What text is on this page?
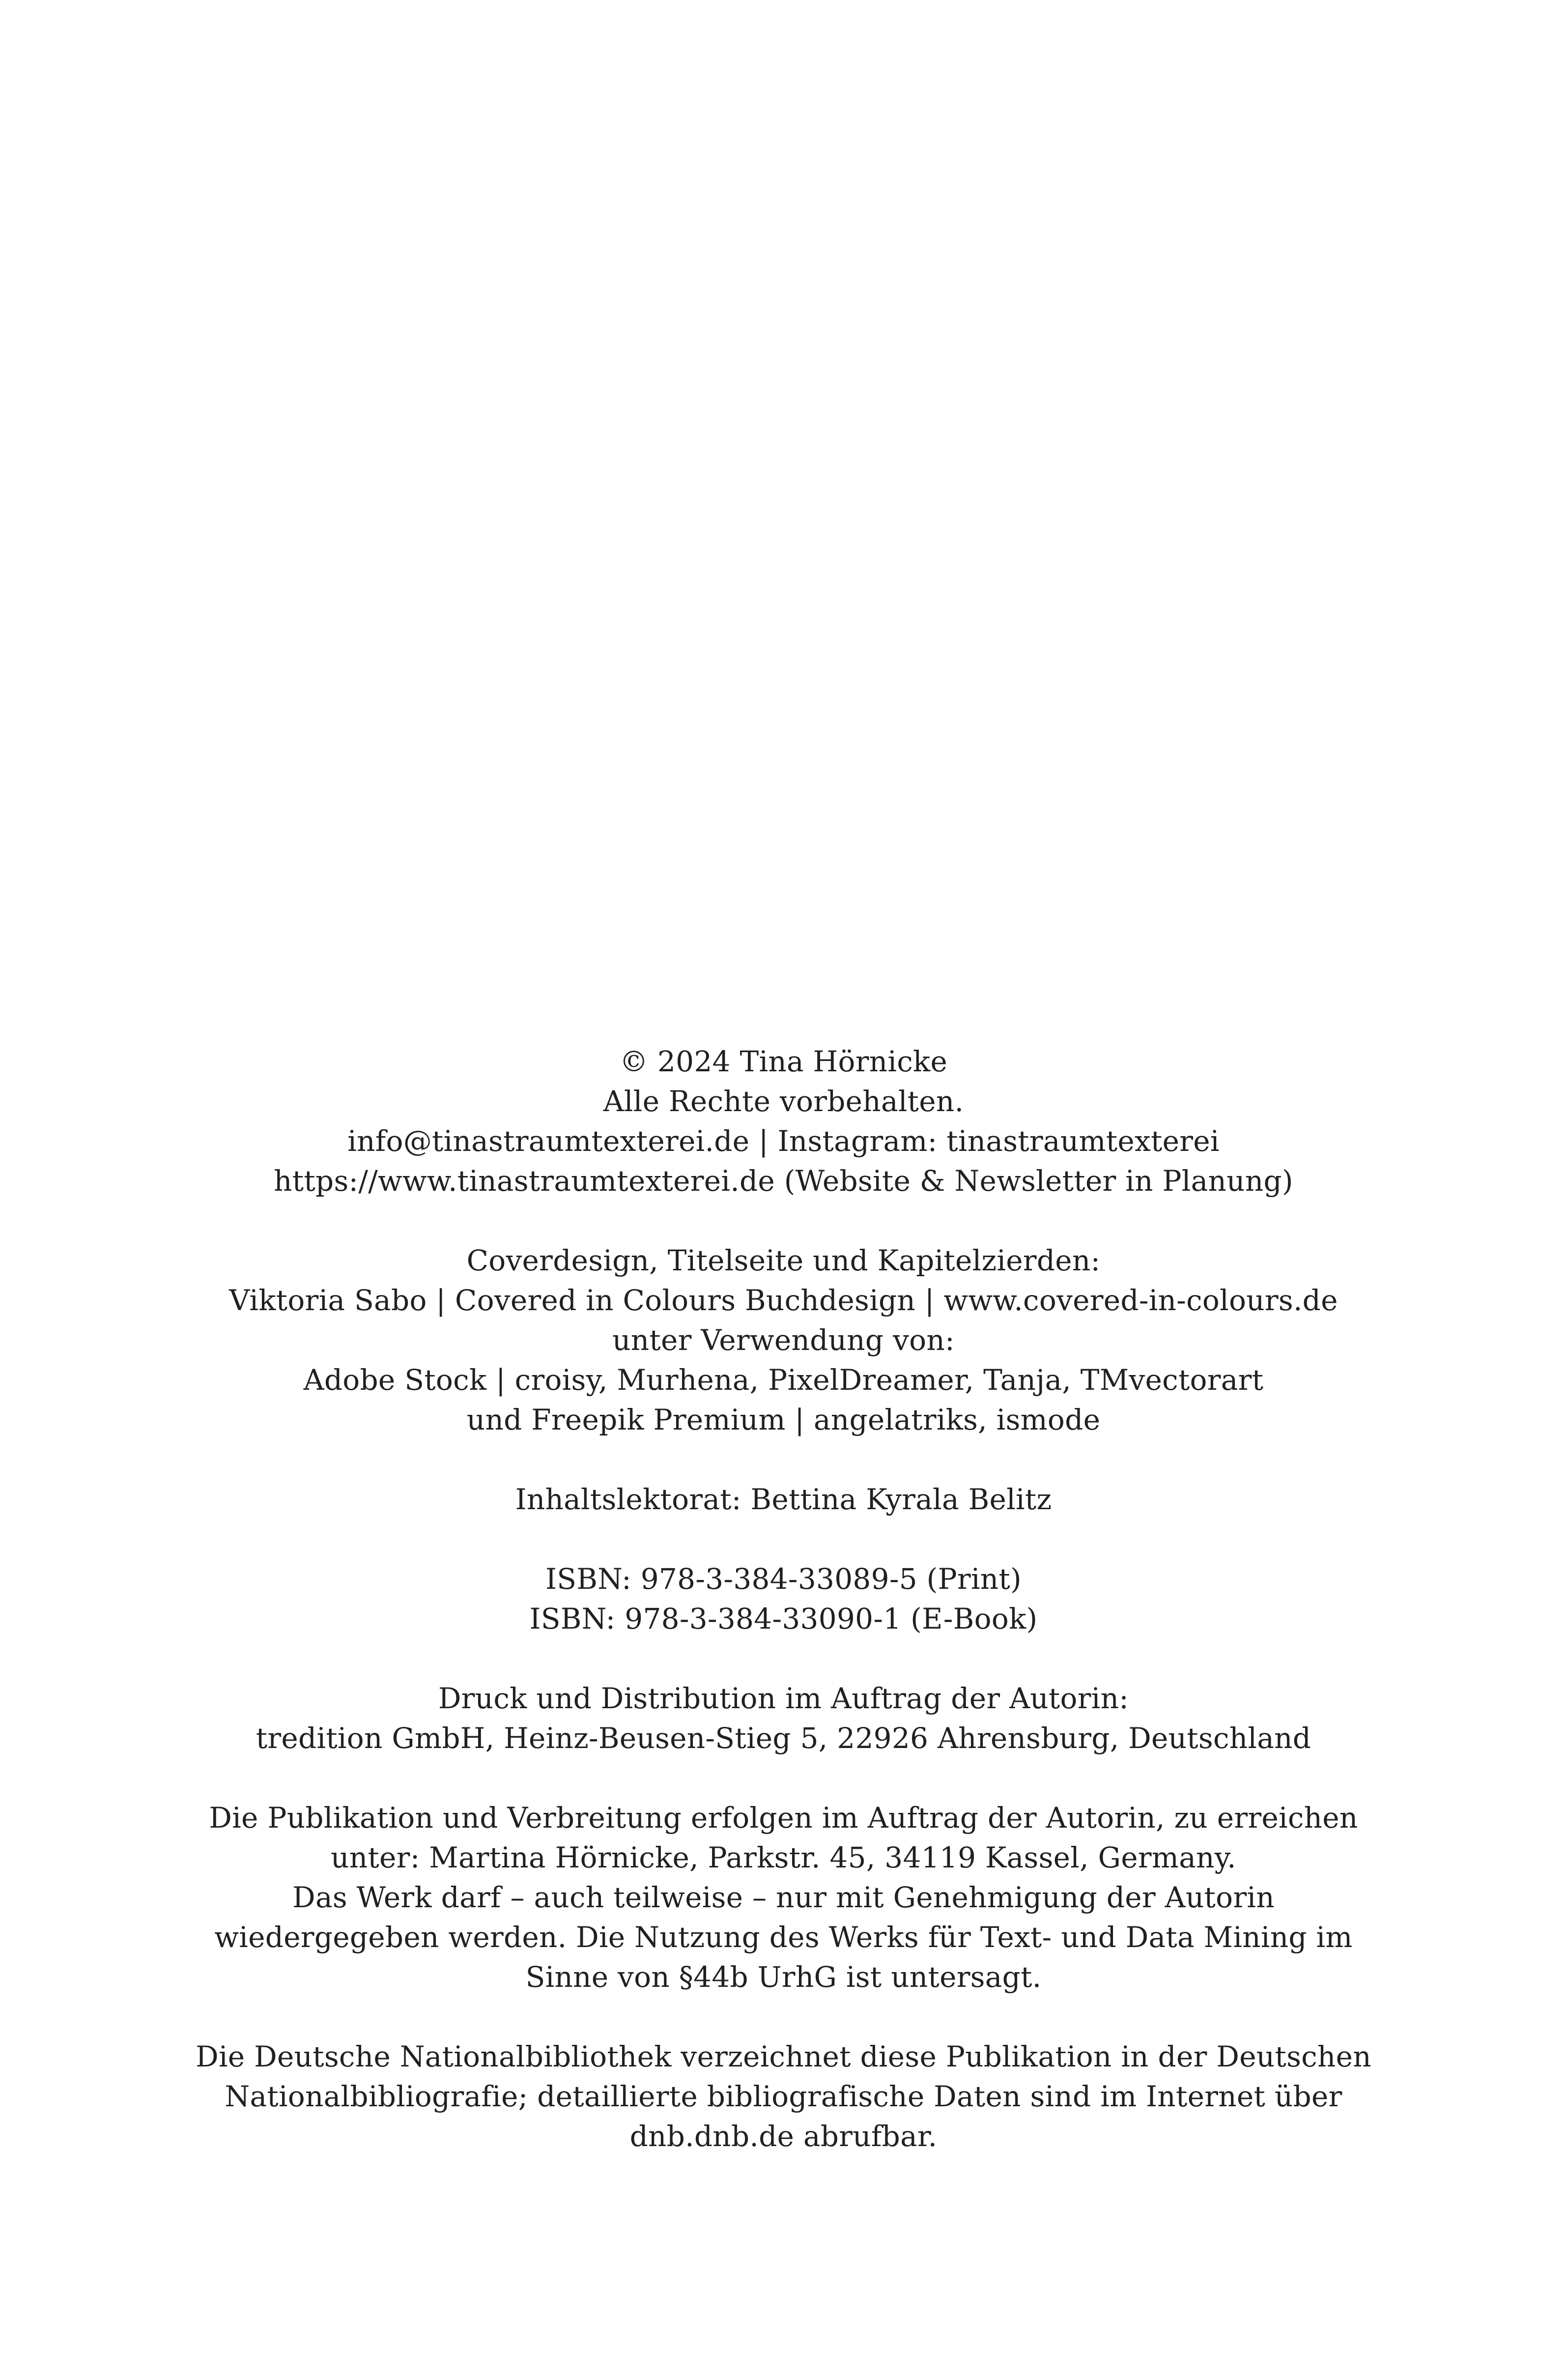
© 2024 Tina Hörnicke
Alle Rechte vorbehalten.
info@tinastraumtexterei.de | Instagram: tinastraumtexterei
https://www.tinastraumtexterei.de (Website & Newsletter in Planung)
Coverdesign, Titelseite und Kapitelzierden:
Viktoria Sabo | Covered in Colours Buchdesign | www.covered-in-colours.de
unter Verwendung von:
Adobe Stock | croisy, Murhena, PixelDreamer, Tanja, TMvectorart
und Freepik Premium | angelatriks, ismode
Inhaltslektorat: Bettina Kyrala Belitz
ISBN: 978-3-384-33089-5 (Print)
ISBN: 978-3-384-33090-1 (E-Book)
Druck und Distribution im Auftrag der Autorin:
tredition GmbH, Heinz-Beusen-Stieg 5, 22926 Ahrensburg, Deutschland
Die Publikation und Verbreitung erfolgen im Auftrag der Autorin, zu erreichen
unter: Martina Hörnicke, Parkstr. 45, 34119 Kassel, Germany.
Das Werk darf – auch teilweise – nur mit Genehmigung der Autorin
wiedergegeben werden. Die Nutzung des Werks für Text- und Data Mining im
Sinne von §44b UrhG ist untersagt.
Die Deutsche Nationalbibliothek verzeichnet diese Publikation in der Deutschen
Nationalbibliografie; detaillierte bibliografische Daten sind im Internet über
dnb.dnb.de abrufbar.
